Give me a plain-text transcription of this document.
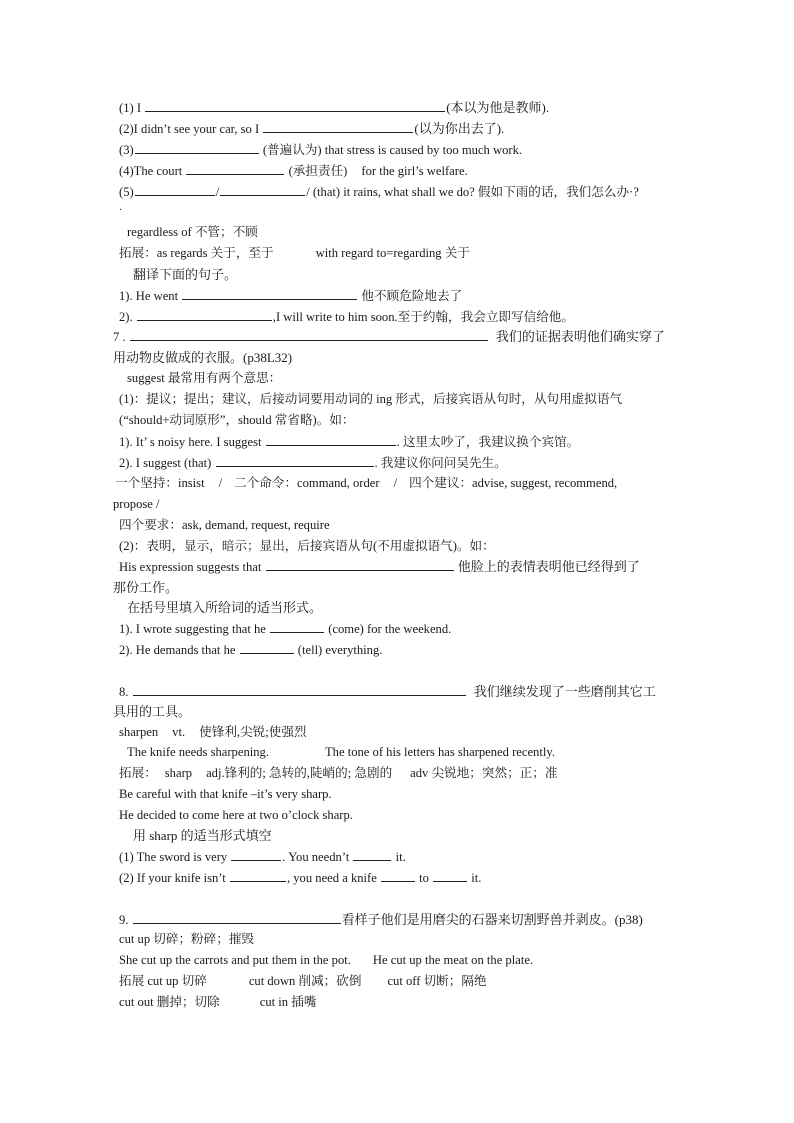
(1) I	(本以为他是教师).
(2)I didn’t see your car, so I	(以为你出去了).
(3)	(普遍认为) that stress is caused by too much work.
(4)The court	(承担责任) for the girl’s welfare.
(5)	/	/ (that) it rains, what shall we do? 假如下雨的话，我们怎么办·?
·
regardless of 不管；不顾
拓展：as regards 关于，至于	with regard to=regarding 关于
翻译下面的句子。
1). He went	他不顾危险地去了
2).	,I will write to him soon.至于约翰，我会立即写信给他。
7 .	我们的证据表明他们确实穿了
用动物皮做成的衣服。(p38L32)
suggest 最常用有两个意思：
(1)：提议；提出；建议，后接动词要用动词的 ing 形式，后接宾语从句时，从句用虚拟语气
(“should+动词原形”，should 常省略)。如：
1). It’ s noisy here. I suggest	. 这里太吵了，我建议换个宾馆。
2). I suggest (that)	. 我建议你问问吴先生。
一个坚持：insist / 二个命令：command, order / 四个建议：advise, suggest, recommend,
propose /
四个要求：ask, demand, request, require
(2)：表明，显示，暗示；显出，后接宾语从句(不用虚拟语气)。如：
His expression suggests that	他脸上的表情表明他已经得到了
那份工作。
在括号里填入所给词的适当形式。
1). I wrote suggesting that he	(come) for the weekend.
2). He demands that he	(tell) everything.
8.	我们继续发现了一些磨削其它工
具用的工具。
sharpen vt. 使锋利,尖锐;使强烈
The knife needs sharpening.	The tone of his letters has sharpened recently.
拓展： sharp adj.锋利的; 急转的,陡峭的; 急剧的 adv 尖锐地；突然；正；准
Be careful with that knife –it’s very sharp.
He decided to come here at two o’clock sharp.
用 sharp 的适当形式填空
(1) The sword is very	. You needn’t	it.
(2) If your knife isn’t	, you need a knife	to	it.
9.	看样子他们是用磨尖的石器来切割野兽并剥皮。(p38)
cut up 切碎；粉碎；摧毁
She cut up the carrots and put them in the pot. He cut up the meat on the plate.
拓展 cut up 切碎	cut down 削减；砍倒 cut off 切断；隔绝
cut out 删掉；切除	cut in 插嘴
